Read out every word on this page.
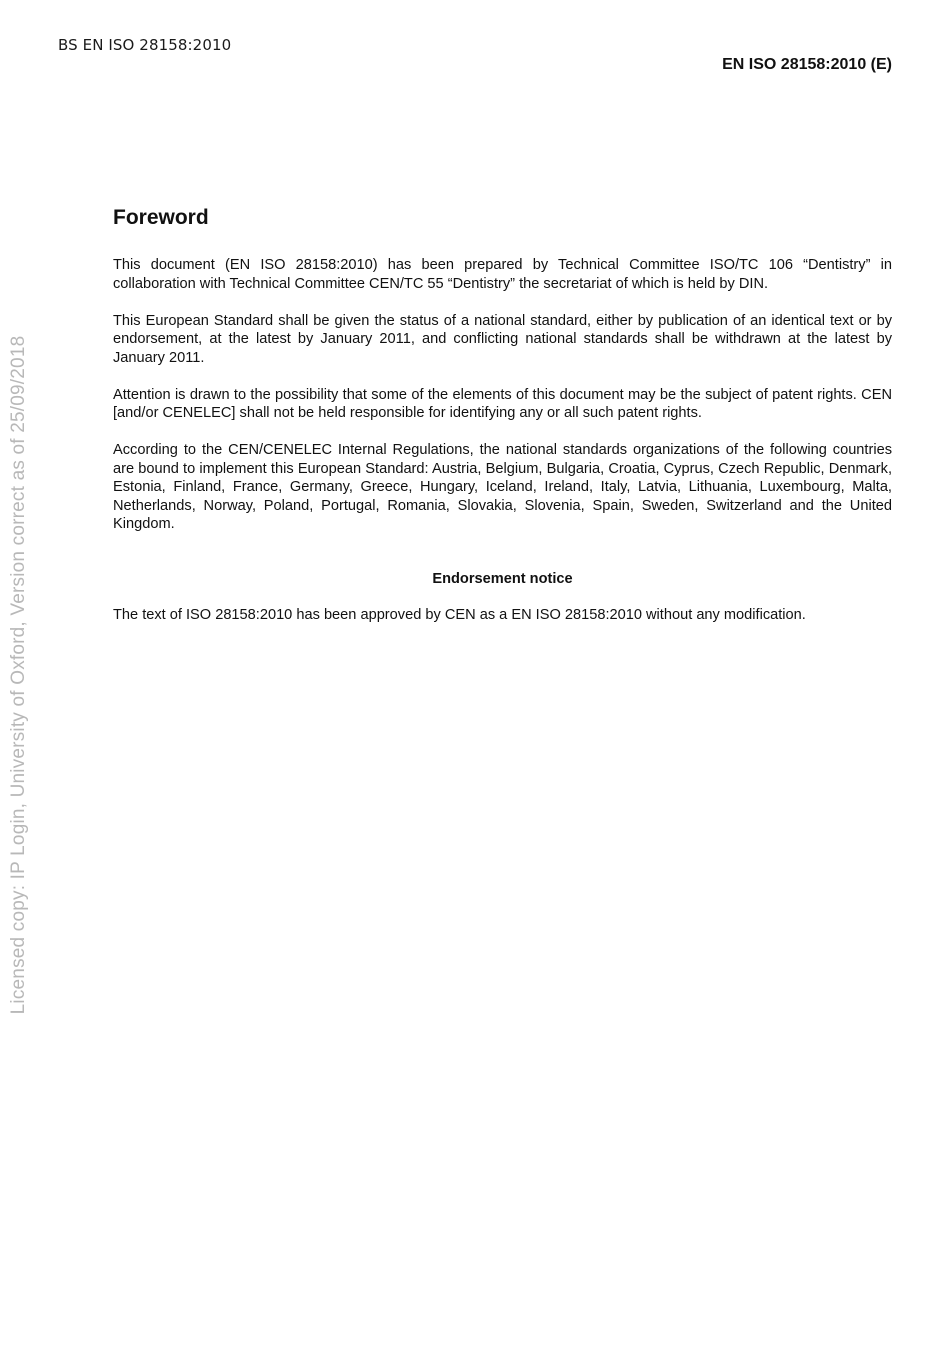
BS EN ISO 28158:2010
EN ISO 28158:2010 (E)
Licensed copy: IP Login, University of Oxford, Version correct as of 25/09/2018
Foreword

This document (EN ISO 28158:2010) has been prepared by Technical Committee ISO/TC 106 “Dentistry” in collaboration with Technical Committee CEN/TC 55 “Dentistry” the secretariat of which is held by DIN.

This European Standard shall be given the status of a national standard, either by publication of an identical text or by endorsement, at the latest by January 2011, and conflicting national standards shall be withdrawn at the latest by January 2011.

Attention is drawn to the possibility that some of the elements of this document may be the subject of patent rights. CEN [and/or CENELEC] shall not be held responsible for identifying any or all such patent rights.

According to the CEN/CENELEC Internal Regulations, the national standards organizations of the following countries are bound to implement this European Standard: Austria, Belgium, Bulgaria, Croatia, Cyprus, Czech Republic, Denmark, Estonia, Finland, France, Germany, Greece, Hungary, Iceland, Ireland, Italy, Latvia, Lithuania, Luxembourg, Malta, Netherlands, Norway, Poland, Portugal, Romania, Slovakia, Slovenia, Spain, Sweden, Switzerland and the United Kingdom.

Endorsement notice

The text of ISO 28158:2010 has been approved by CEN as a EN ISO 28158:2010 without any modification.
